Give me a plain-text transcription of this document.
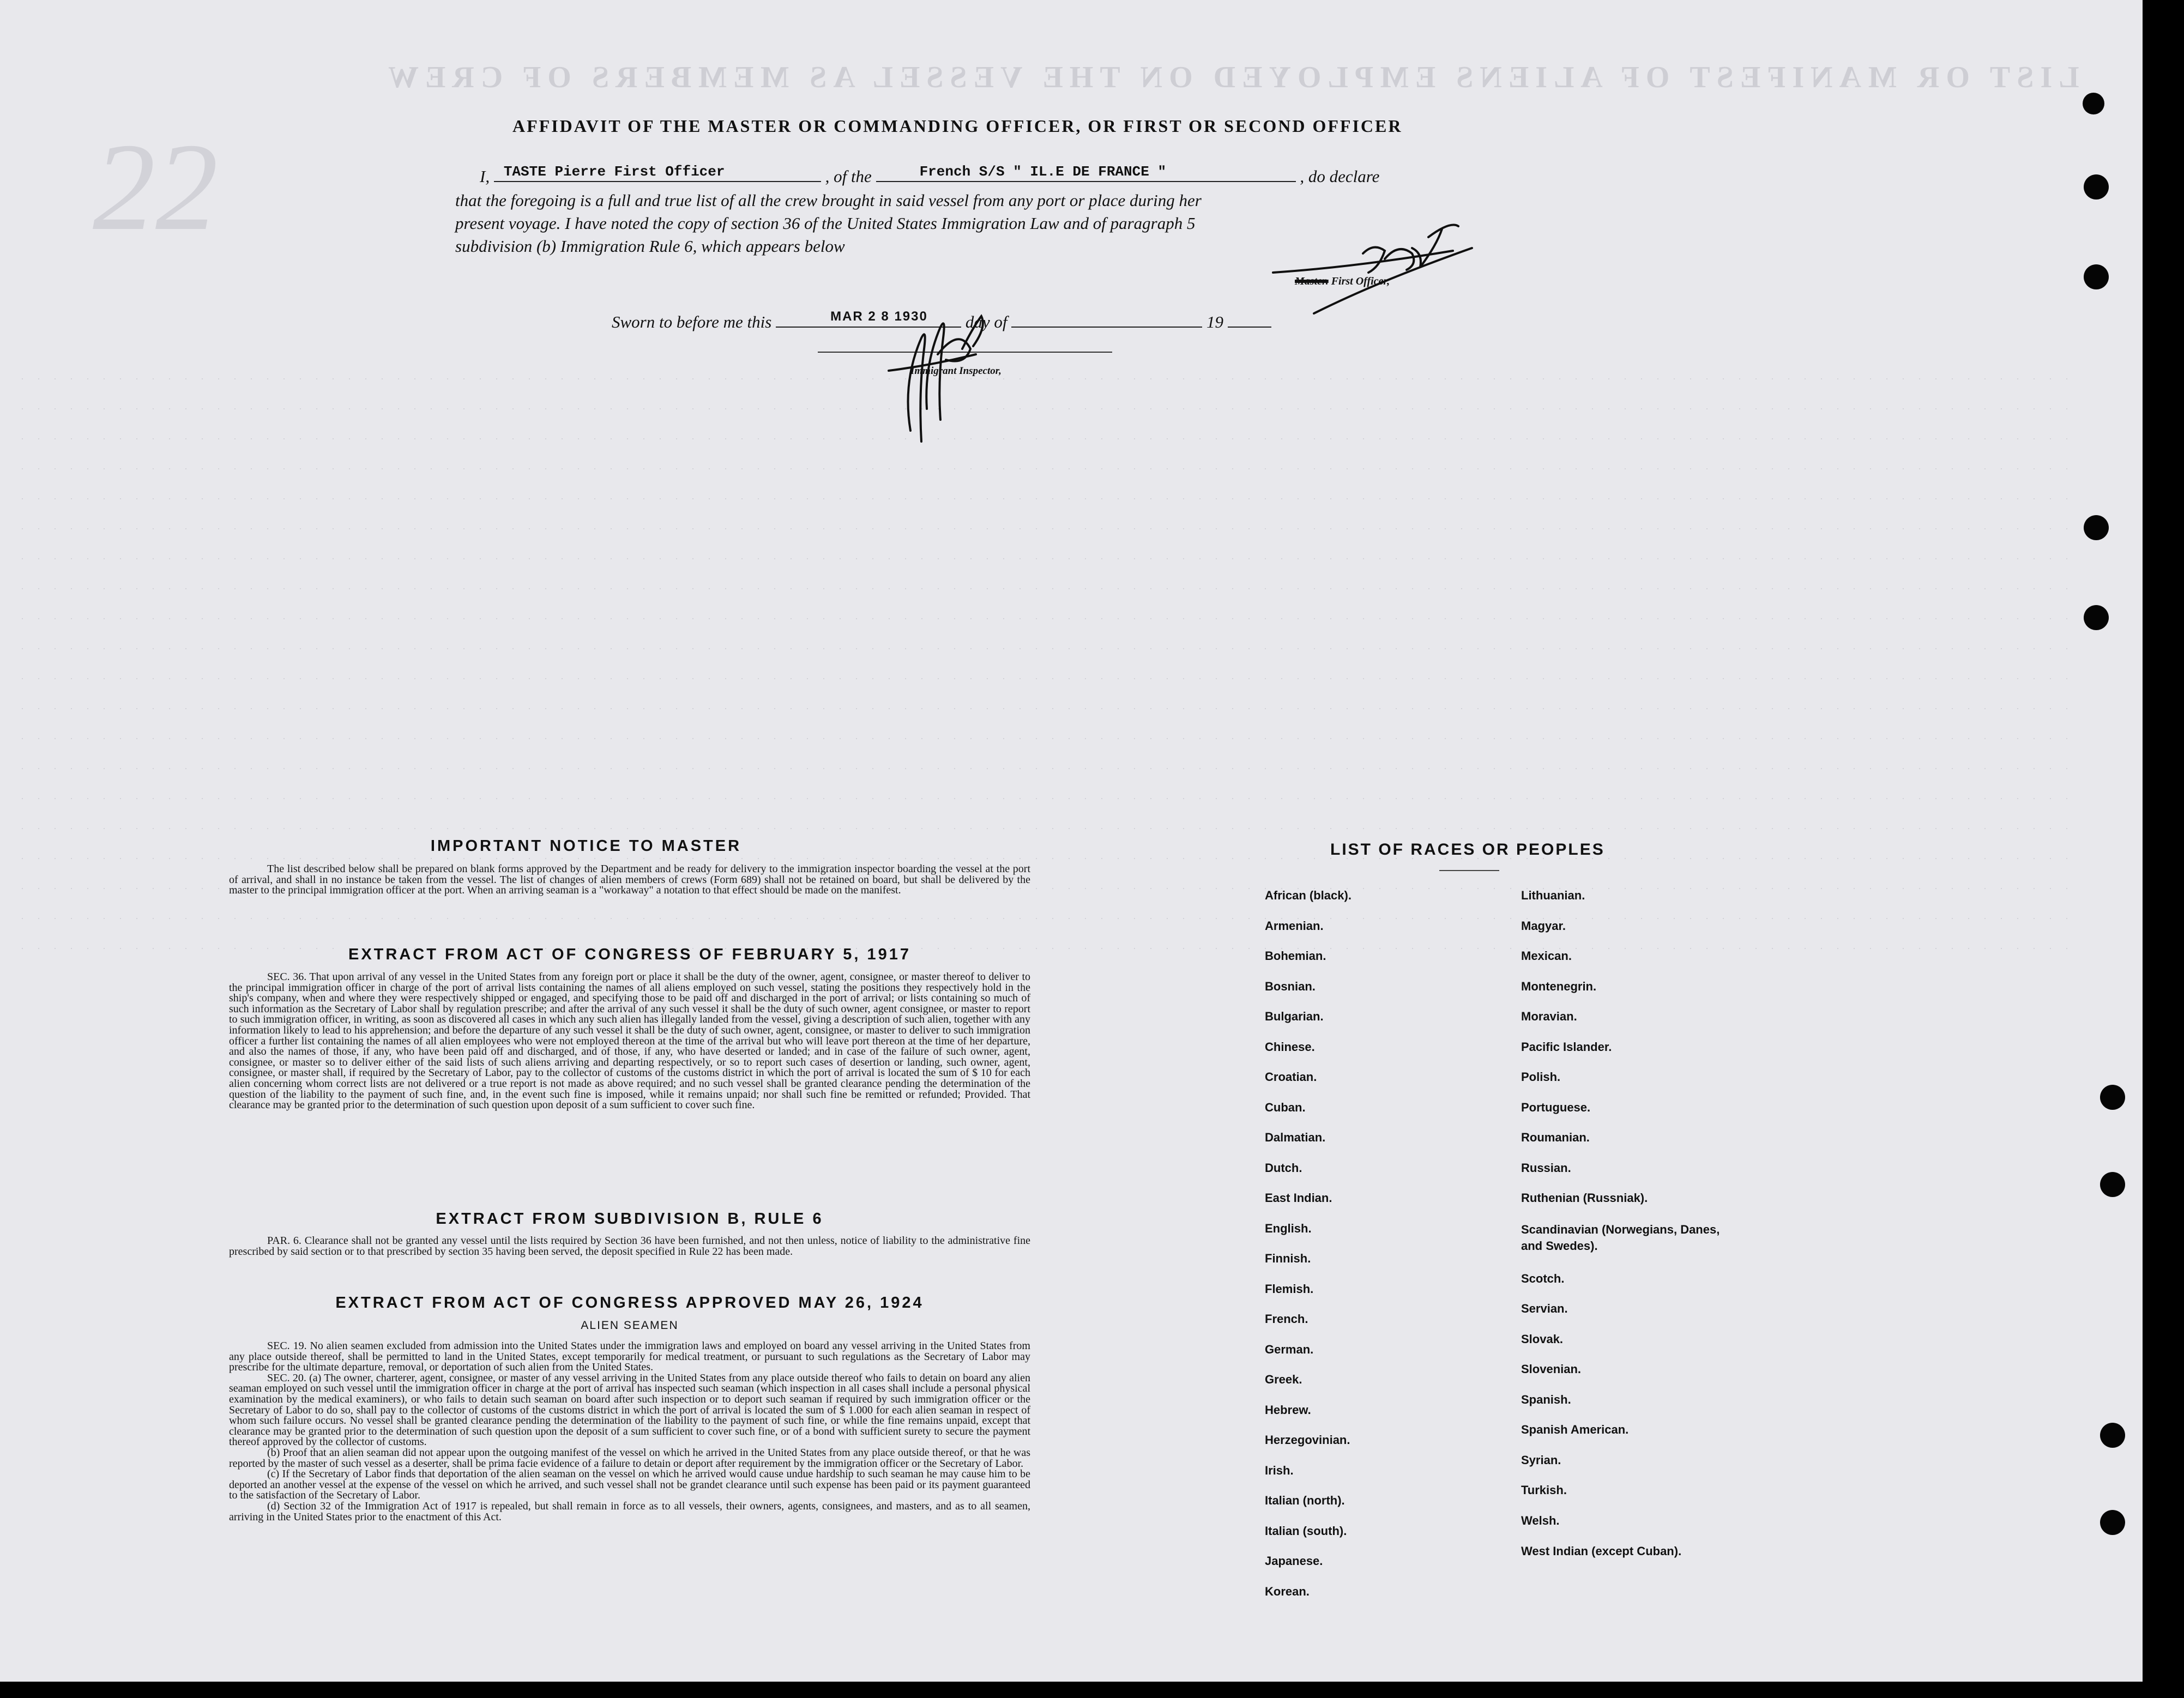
LIST OR MANIFEST OF ALIENS EMPLOYED ON THE VESSEL AS MEMBERS OF CREW
22	AFFIDAVIT OF THE MASTER OR COMMANDING OFFICER, OR FIRST OR SECOND OFFICER
I, TASTE Pierre First Officer	, of the	French S/S " IL.E DE FRANCE "	, do declare
that the foregoing is a full and true list of all the crew brought in said vessel from any port or place during her
present voyage. I have noted the copy of section 36 of the United States Immigration Law and of paragraph 5
subdivision (b) Immigration Rule 6, which appears below
Master. First Officer,
Sworn to before me this	MAR 2 8 1930 day of	19
Immigrant Inspector,
IMPORTANT NOTICE TO MASTER
The list described below shall be prepared on blank forms approved by the Department and be ready for delivery to the immigration inspector boarding the vessel at the port of arrival, and shall in no instance be taken from the vessel. The list of changes of alien members of crews (Form 689) shall not be retained on board, but shall be delivered by the master to the principal immigration officer at the port. When an arriving seaman is a "workaway" a notation to that effect should be made on the manifest.
EXTRACT FROM ACT OF CONGRESS OF FEBRUARY 5, 1917
SEC. 36. That upon arrival of any vessel in the United States from any foreign port or place it shall be the duty of the owner, agent, consignee, or master thereof to deliver to the principal immigration officer in charge of the port of arrival lists containing the names of all aliens employed on such vessel, stating the positions they respectively hold in the ship's company, when and where they were respectively shipped or engaged, and specifying those to be paid off and discharged in the port of arrival; or lists containing so much of such information as the Secretary of Labor shall by regulation prescribe; and after the arrival of any such vessel it shall be the duty of such owner, agent consignee, or master to report to such immigration officer, in writing, as soon as discovered all cases in which any such alien has illegally landed from the vessel, giving a description of such alien, together with any information likely to lead to his apprehension; and before the departure of any such vessel it shall be the duty of such owner, agent, consignee, or master to deliver to such immigration officer a further list containing the names of all alien employees who were not employed thereon at the time of the arrival but who will leave port thereon at the time of her departure, and also the names of those, if any, who have been paid off and discharged, and of those, if any, who have deserted or landed; and in case of the failure of such owner, agent, consignee, or master so to deliver either of the said lists of such aliens arriving and departing respectively, or so to report such cases of desertion or landing, such owner, agent, consignee, or master shall, if required by the Secretary of Labor, pay to the collector of customs of the customs district in which the port of arrival is located the sum of $ 10 for each alien concerning whom correct lists are not delivered or a true report is not made as above required; and no such vessel shall be granted clearance pending the determination of the question of the liability to the payment of such fine, and, in the event such fine is imposed, while it remains unpaid; nor shall such fine be remitted or refunded; Provided. That clearance may be granted prior to the determination of such question upon deposit of a sum sufficient to cover such fine.
EXTRACT FROM SUBDIVISION B, RULE 6
PAR. 6. Clearance shall not be granted any vessel until the lists required by Section 36 have been furnished, and not then unless, notice of liability to the administrative fine prescribed by said section or to that prescribed by section 35 having been served, the deposit specified in Rule 22 has been made.
EXTRACT FROM ACT OF CONGRESS APPROVED MAY 26, 1924
ALIEN SEAMEN

SEC. 19. No alien seamen excluded from admission into the United States under the immigration laws and employed on board any vessel arriving in the United States from any place outside thereof, shall be permitted to land in the United States, except temporarily for medical treatment, or pursuant to such regulations as the Secretary of Labor may prescribe for the ultimate departure, removal, or deportation of such alien from the United States.

SEC. 20. (a) The owner, charterer, agent, consignee, or master of any vessel arriving in the United States from any place outside thereof who fails to detain on board any alien seaman employed on such vessel until the immigration officer in charge at the port of arrival has inspected such seaman (which inspection in all cases shall include a personal physical examination by the medical examiners), or who fails to detain such seaman on board after such inspection or to deport such seaman if required by such immigration officer or the Secretary of Labor to do so, shall pay to the collector of customs of the customs district in which the port of arrival is located the sum of $ 1.000 for each alien seaman in respect of whom such failure occurs. No vessel shall be granted clearance pending the determination of the liability to the payment of such fine, or while the fine remains unpaid, except that clearance may be granted prior to the determination of such question upon the deposit of a sum sufficient to cover such fine, or of a bond with sufficient surety to secure the payment thereof approved by the collector of customs.

(b) Proof that an alien seaman did not appear upon the outgoing manifest of the vessel on which he arrived in the United States from any place outside thereof, or that he was reported by the master of such vessel as a deserter, shall be prima facie evidence of a failure to detain or deport after requirement by the immigration officer or the Secretary of Labor.

(c) If the Secretary of Labor finds that deportation of the alien seaman on the vessel on which he arrived would cause undue hardship to such seaman he may cause him to be deported an another vessel at the expense of the vessel on which he arrived, and such vessel shall not be grandet clearance until such expense has been paid or its payment guaranteed to the satisfaction of the Secretary of Labor.

(d) Section 32 of the Immigration Act of 1917 is repealed, but shall remain in force as to all vessels, their owners, agents, consignees, and masters, and as to all seamen, arriving in the United States prior to the enactment of this Act.

LIST OF RACES OR PEOPLES
African (black).
Armenian.
Bohemian.
Bosnian.
Bulgarian.
Chinese.
Croatian.
Cuban.
Dalmatian.
Dutch.
East Indian.
English.
Finnish.
Flemish.
French.
German.
Greek.
Hebrew.
Herzegovinian.
Irish.
Italian (north).
Italian (south).
Japanese.
Korean.
Lithuanian.
Magyar.
Mexican.
Montenegrin.
Moravian.
Pacific Islander.
Polish.
Portuguese.
Roumanian.
Russian.
Ruthenian (Russniak).
Scandinavian (Norwegians, Danes, and Swedes).
Scotch.
Servian.
Slovak.
Slovenian.
Spanish.
Spanish American.
Syrian.
Turkish.
Welsh.
West Indian (except Cuban).
